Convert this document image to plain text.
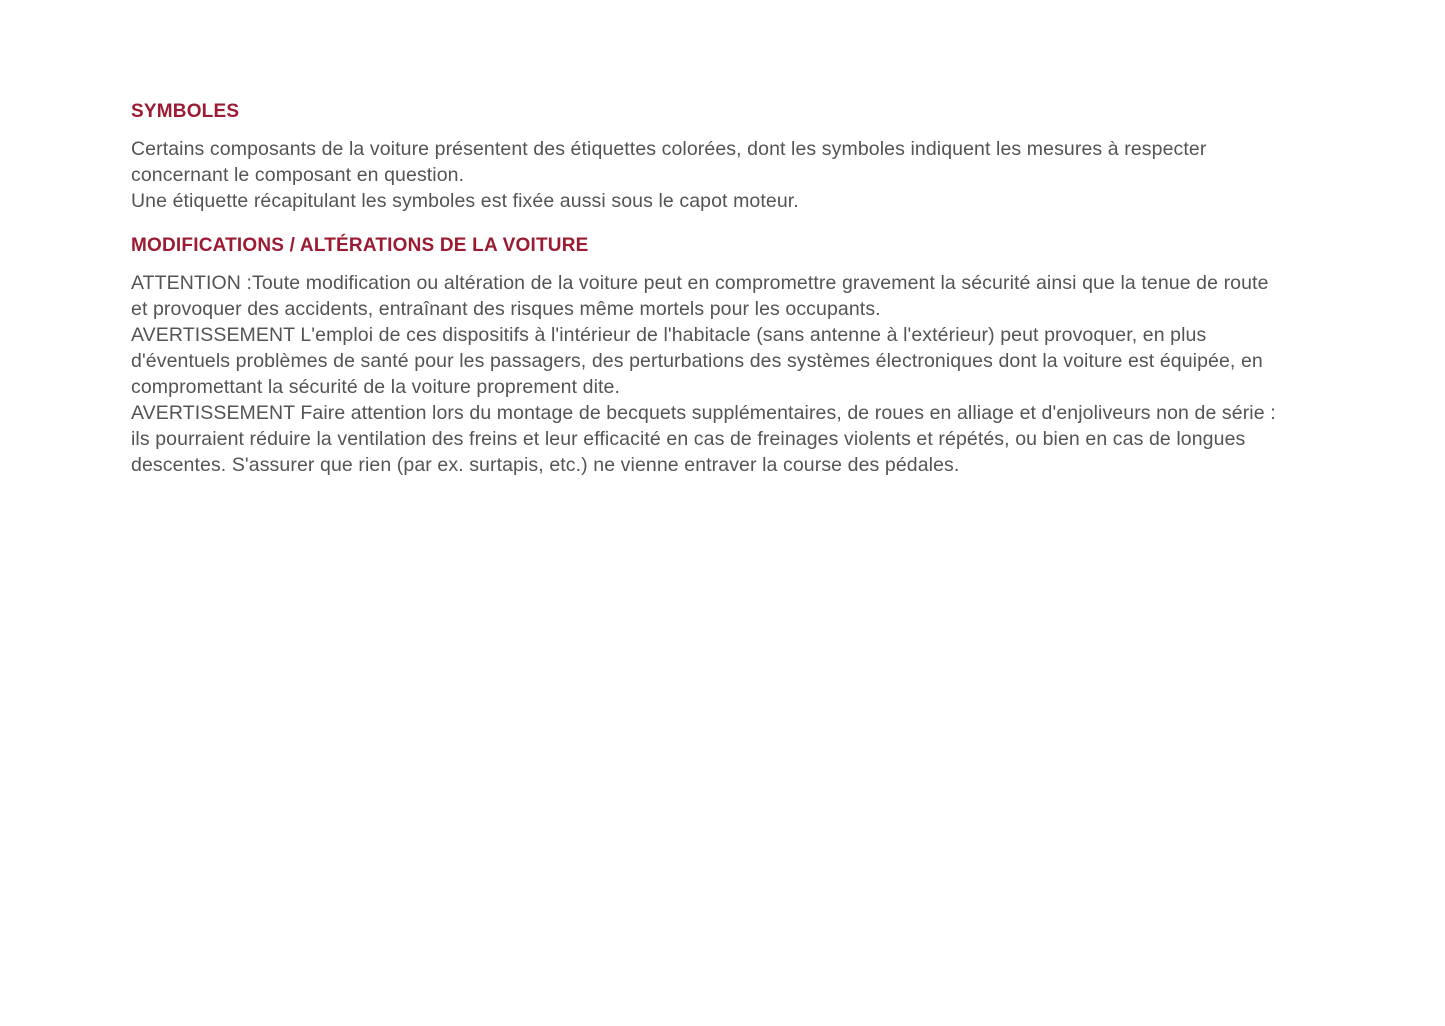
SYMBOLES

Certains composants de la voiture présentent des étiquettes colorées, dont les symboles indiquent les mesures à respecter concernant le composant en question.

Une étiquette récapitulant les symboles est fixée aussi sous le capot moteur.

MODIFICATIONS / ALTÉRATIONS DE LA VOITURE

ATTENTION :Toute modification ou altération de la voiture peut en compromettre gravement la sécurité ainsi que la tenue de route et provoquer des accidents, entraînant des risques même mortels pour les occupants.

AVERTISSEMENT L'emploi de ces dispositifs à l'intérieur de l'habitacle (sans antenne à l'extérieur) peut provoquer, en plus d'éventuels problèmes de santé pour les passagers, des perturbations des systèmes électroniques dont la voiture est équipée, en compromettant la sécurité de la voiture proprement dite.

AVERTISSEMENT Faire attention lors du montage de becquets supplémentaires, de roues en alliage et d'enjoliveurs non de série : ils pourraient réduire la ventilation des freins et leur efficacité en cas de freinages violents et répétés, ou bien en cas de longues descentes. S'assurer que rien (par ex. surtapis, etc.) ne vienne entraver la course des pédales.
